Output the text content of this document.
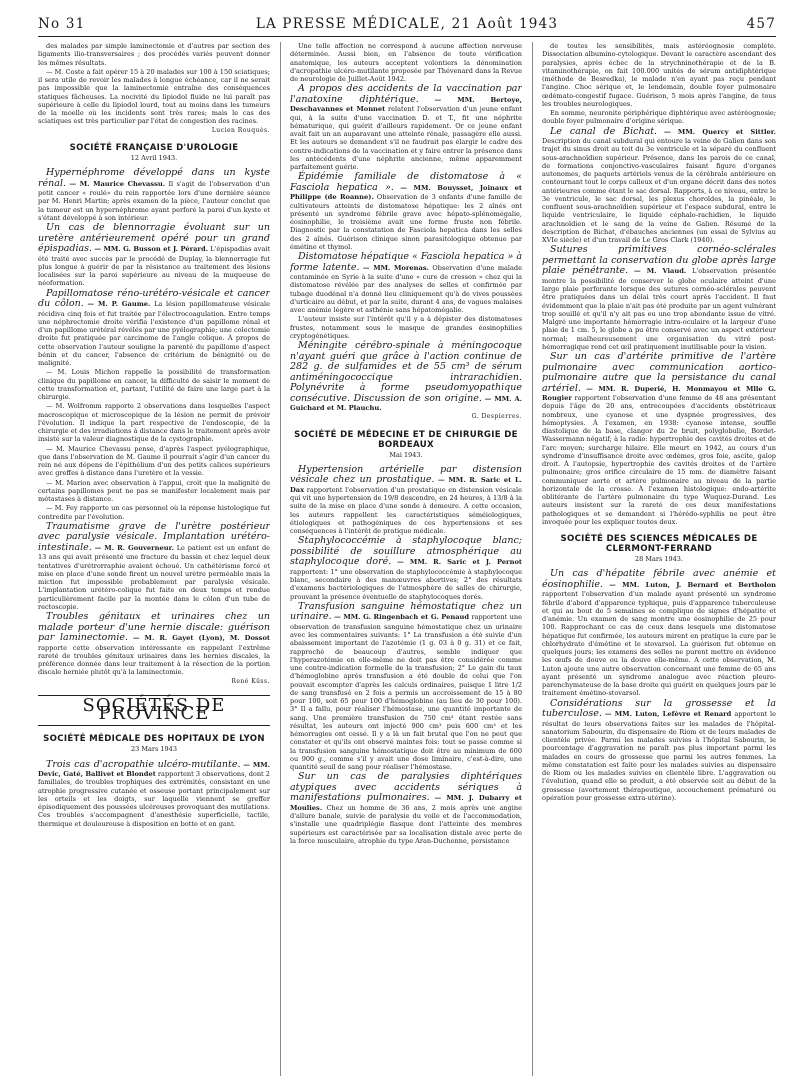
No 31	LA PRESSE MÉDICALE, 21 Août 1943	457

des malades par simple laminectomie et d'autres par section des ligaments ilio-transversaires ; des procédés variés peuvent donner les mêmes résultats.

— M. Coste a fait opérer 15 à 20 malades sur 100 à 150 sciatiques; il sera utile de revoir les malades à longue échéance, car il ne serait pas impossible que la laminectomie entraîne des conséquences statiques fâcheuses. La nocivité du lipiodol fluide ne lui paraît pas supérieure à celle du lipiodol lourd, tout au moins dans les tumeurs de la moelle où les incidents sont très rares; mais le cas des sciatiques est très particulier par l'état de congestion des racines.

Lucien Rouquès.
SOCIÉTÉ FRANÇAISE D'UROLOGIE
12 Avril 1943.

Hypernéphrome développé dans un kyste rénal. — M. Maurice Chevassu. Il s'agit de l'observation d'un petit cancer « roulé» du rein rapportée lors d'une dernière séance par M. Henri Martin; après examen de la pièce, l'auteur conclut que la tumeur est un hypernéphrome ayant perforé la paroi d'un kyste et s'étant développé à son intérieur.

Un cas de blennorragie évoluant sur un uretère antérieurement opéré pour un grand épispadias. — MM. G. Busson et J. Pérard. L'épispadias avait été traité avec succès par le procédé de Duplay, la blennorragie fut plus longue à guérir de par la résistance au traitement des lésions localisées sur la paroi supérieure au niveau de la muqueuse de néoformation.

Papillomatose réno-urétéro-vésicale et cancer du côlon. — M. P. Gaume. La lésion papillomateuse vésicale récidiva cinq fois et fut traitée par l'électrocoagulation. Entre temps une néphrectomie droite vérifia l'existence d'un papillome rénal et d'un papillome urétéral révélés par une pyélographie; une colectomie droite fut pratiquée par carcinome de l'angle colique. À propos de cette observation l'auteur souligne la parenté du papillome d'aspect bénin et du cancer, l'absence de critérium de bénignité ou de malignité.

— M. Louis Michon rappelle la possibilité de transformation clinique du papillome en cancer, la difficulté de saisir le moment de cette transformation et, partant, l'utilité de faire une large part à la chirurgie.

— M. Wolfromm rapporte 2 observations dans lesquelles l'aspect macroscopique et microscopique de la lésion ne permit de prévoir l'évolution. Il indique la part respective de l'endoscopie, de la chirurgie et des irradiations à distance dans le traitement après avoir insisté sur la valeur diagnostique de la cystographie.

— M. Maurice Chevassu pense, d'après l'aspect pyélographique, que dans l'observation de M. Gaume il pourrait s'agir d'un cancer du rein né aux dépens de l'épithélium d'un des petits calices supérieurs avec greffes à distance dans l'uretère et la vessie.

— M. Marion avec observation à l'appui, croit que la malignité de certains papillomes peut ne pas se manifester localement mais par métastases à distance.

— M. Fey rapporte un cas personnel où la réponse histologique fut contredite par l'évolution.

Traumatisme grave de l'urètre postérieur avec paralysie vésicale. Implantation urétéro-intestinale. — M. R. Gouverneur. Le patient est un enfant de 13 ans qui avait présenté une fracture du bassin et chez lequel deux tentatives d'urétrorraphie avaient échoué. Un cathétérisme forcé et mise en place d'une sonde firent un nouvel urètre perméable mais la miction fut impossible probablement par paralysie vésicale. L'implantation urétéro-colique fut faite en deux temps et rendue particulièrement facile par la montée dans le côlon d'un tube de rectoscopie.

Troubles génitaux et urinaires chez un malade porteur d'une hernie discale: guérison par laminectomie. — M. R. Gayet (Lyon), M. Dossot rapporte cette observation intéressante en rappelant l'extrême rareté de troubles génitaux urinaires dans les hernies discales, la préférence donnée dans leur traitement à la résection de la portion discale herniée plutôt qu'à la laminectomie.

René Küss.
SOCIÉTÉS DE PROVINCE
SOCIÉTÉ MÉDICALE DES HOPITAUX DE LYON
23 Mars 1943

Trois cas d'acropathie ulcéro-mutilante. — MM. Devic, Gaté, Ballivet et Blondet rapportent 3 observations, dont 2 familiales, de troubles trophiques des extrémités, consistant en une atrophie progressive cutanée et osseuse portant principalement sur les orteils et les doigts, sur laquelle viennent se greffer épisodiquement des poussées ulcéreuses provoquant des mutilations. Ces troubles s'accompagnent d'anesthésie superficielle, tactile, thermique et douloureuse à disposition en botte et en gant.

Une telle affection ne correspond à aucune affection nerveuse déterminée. Aussi bien, en l'absence de toute vérification anatomique, les auteurs acceptent volontiers la dénomination d'acropathie ulcéro-mutilante proposée par Thévenard dans la Revue de neurologie de Juillet-Août 1942.

A propos des accidents de la vaccination par l'anatoxine diphtérique. — MM. Bertoye, Deschavannes et Monnet relatent l'observation d'un jeune enfant qui, à la suite d'une vaccination D. et T., fit une néphrite hématurique, qui guérit d'ailleurs rapidement. Or ce jeune enfant avait fait un an auparavant une atteinte rénale, passagère elle aussi. Et les auteurs se demandent s'il ne faudrait pas élargir le cadre des contre-indications de la vaccination et y faire entrer la présence dans les antécédents d'une néphrite ancienne, même apparemment parfaitement guérie.

Épidémie familiale de distomatose à « Fasciola hepatica ». — MM. Bouysset, Joinaux et Philippe (de Roanne). Observation de 3 enfants d'une famille de cultivateurs atteints de distomatose hépatique: les 2 aînés ont présenté un syndrome fébrile grave avec hépato-splénomégalie, éosinophilie, le troisième avait une forme fruste non fébrile. Diagnostic par la constatation de Fasciola hepatica dans les selles des 2 aînés. Guérison clinique sinon parasitologique obtenue par émétine et thymol.

Distomatose hépatique « Fasciola hepatica » à forme latente. — MM. Morenas. Observation d'une malade contaminée en Syrie à la suite d'une « cure de cresson » chez qui la distomatose révélée par des analyses de selles et confirmée par tubage duodénal n'a donné lieu cliniquement qu'à de vives poussées d'urticaire au début, et par la suite, durant 4 ans, de vagues malaises avec anémie légère et asthénie sans hépatomégalie.

L'auteur insiste sur l'intérêt qu'il y a à dépister des distomatoses frustes, notamment sous le masque de grandes éosinophilies cryptogénétiques.

Méningite cérébro-spinale à méningocoque n'ayant guéri que grâce à l'action continue de 282 g. de sulfamides et de 55 cm³ de sérum antiméningococcique intrarachidien. Polynévrite à forme pseudomyopathique consécutive. Discussion de son origine. — MM. A. Guichard et M. Plauchu.

G. Despierres.
SOCIÉTÉ DE MÉDECINE ET DE CHIRURGIE DE BORDEAUX
Mai 1943.

Hypertension artérielle par distension vésicale chez un prostatique. — MM. R. Saric et L. Dax rapportent l'observation d'un prostatique en distension vésicale qui vit une hypertension de 19/8 descendre, en 24 heures, à 13/8 à la suite de la mise en place d'une sonde à demeure. A cette occasion, les auteurs rappellent les caractéristiques séméiologiques, étiologiques et pathogéniques de ces hypertensions et ses conséquences à l'intérêt de pratique médicale.

Staphylococcémie à staphylocoque blanc; possibilité de souillure atmosphérique au staphylocoque doré. — MM. R. Saric et J. Pernot rapportent: 1° une observation de staphylococcémie à staphylocoque blanc, secondaire à des manœuvres abortives; 2° des résultats d'examens bactériologiques de l'atmosphère de salles de chirurgie, prouvant la présence éventuelle de staphylocoques dorés.

Transfusion sanguine hémostatique chez un urinaire. — MM. G. Ringenbach et G. Penaud rapportent une observation de transfusion sanguine hémostatique chez un urinaire avec les commentaires suivants: 1° La transfusion a été suivie d'un abaissement important de l'azotémie (1 g. 03 à 0 g. 31) et ce fait, rapproché de beaucoup d'autres, semble indiquer que l'hyperazotémie en elle-même ne doit pas être considérée comme une contre-indication formelle de la transfusion; 2° Le gain du taux d'hémoglobine après transfusion a été double de celui que l'on pouvait escompter d'après les calculs ordinaires, puisque 1 litre 1/2 de sang transfusé en 2 fois a permis un accroissement de 15 à 80 pour 100, soit 65 pour 100 d'hémoglobine (au lieu de 30 pour 100). 3° Il a fallu, pour réaliser l'hémostase, une quantité importante de sang. Une première transfusion de 750 cm³ étant restée sans résultat, les auteurs ont injecté 900 cm³ puis 600 cm³ et les hémorragies ont cessé. Il y a là un fait brutal que l'on ne peut que constater et qu'ils ont observé maintes fois: tout se passe comme si la transfusion sanguine hémostatique doit être au minimum de 600 ou 900 g., comme s'il y avait une dose liminaire, c'est-à-dire, une quantité seuil de sang pour réaliser l'hémostase.

Sur un cas de paralysies diphtériques atypiques avec accidents sériques à manifestations pulmonaires. — MM. J. Dubarry et Moulies. Chez un homme de 36 ans, 2 mois après une angine d'allure banale, suivie de paralysie du voile et de l'accommodation, s'installe une quadriplégie flasque dont l'atteinte des membres supérieurs est caractérisée par sa localisation distale avec perte de la force musculaire, atrophie du type Aran-Duchenne, persistance

de toutes les sensibilités, mais astéréognosie complète. Dissociation albumino-cytologique. Devant le caractère ascendant des paralysies, après échec de la strychninothérapie et de la B. vitaminothérapie, on fait 100.000 unités de sérum antidiphtérique (méthode de Besredka), le malade n'en ayant pas reçu pendant l'angine. Choc sérique et, le lendemain, double foyer pulmonaire œdémato-congestif fugace. Guérison, 5 mois après l'angine, de tous les troubles neurologiques.

En somme, neuronite périphérique diphtérique avec astéréognosie; double foyer pulmonaire d'origine sérique.

Le canal de Bichat. — MM. Quercy et Sittler. Description du canal subdural qui entoure la veine de Galien dans son trajet du sinus droit au toit du 3e ventricule et la séparé du confluent sous-arachnoïdien supérieur. Présence, dans les parois de ce canal, de formations conjonctivo-vasculaires faisant figure d'organes autonomes, de paquets artériels venus de la cérébrale antérieure en contournant tout le corps calleux et d'un organe décrit dans des notes antérieures comme étant le sac dorsal. Rapports, à ce niveau, entre le 3e ventricule, le sac dorsal, les plexus choroïdes, la pinéale, le confluent sous-arachnoïdien supérieur et l'espace subdural, entre le liquide ventriculaire, le liquide céphalo-rachidien, le liquide arachnoïdien et le sang de la veine de Galien. Résumé de la description de Bichat, d'ébauches anciennes (un essai de Sylvius au XVIe siècle) et d'un travail de Le Gros Clark (1940).

Sutures primitives cornéo-sclérales permettant la conservation du globe après large plaie pénétrante. — M. Viaud. L'observation présentée montre la possibilité de conserver le globe oculaire atteint d'une large plaie perforante lorsque des sutures cornéo-sclérales peuvent être pratiquées dans un délai très court après l'accident. Il faut évidemment que la plaie n'ait pas été produite par un agent vulnérant trop souillé et qu'il n'y ait pas eu une trop abondante issue de vitré. Malgré une importante hémorragie intra-oculaire et la largeur d'une plaie de 1 cm. 5, le globe a pu être conservé avec un aspect extérieur normal; malheureusement une organisation du vitré post-hémorragique rend cet œil pratiquement inutilisable pour la vision.

Sur un cas d'artérite primitive de l'artère pulmonaire avec communication aortico-pulmonaire autre que la persistance du canal artériel. — MM. R. Duperié, H. Monmayou et Mlle G. Rougier rapportent l'observation d'une femme de 48 ans présentant depuis l'âge de 20 ans, entrecoupées d'accidents obstétricaux nombreux, une cyanose et une dyspnée progressives, des hémoptysies. À l'examen, en 1938: cyanose intense, souffle diastolique de la base, clangor du 2e bruit, polyglobulie, Bordet-Wassermann négatif; à la radio: hypertrophie des cavités droites et de l'arc moyen; surcharge hilaire. Elle meurt en 1942, au cours d'un syndrome d'insuffisance droite avec œdèmes, gros foie, ascite, galop droit. À l'autopsie, hypertrophie des cavités droites et de l'artère pulmonaire; gros orifice circulaire de 15 mm. de diamètre faisant communiquer aorte et artère pulmonaire au niveau de la partie horizontale de la crosse. À l'examen histologique: endo-artérite oblitérante de l'artère pulmonaire du type Wuquez-Durand. Les auteurs insistent sur la rareté de ces deux manifestations pathologiques et se demandent si l'hérédo-syphilis ne peut être invoquée pour les expliquer toutes deux.

SOCIÉTÉ DES SCIENCES MÉDICALES DE CLERMONT-FERRAND
28 Mars 1943.

Un cas d'hépatite fébrile avec anémie et éosinophilie. — MM. Luton, J. Bernard et Bertholon rapportent l'observation d'un malade ayant présenté un syndrome fébrile d'abord d'apparence typhique, puis d'apparence tuberculeuse et qui au bout de 5 semaines se complique de signes d'hépatite et d'anémie. Un examen de sang montre une éosinophilie de 25 pour 100. Rapprochant ce cas de ceux dans lesquels une distomatose hépatique fut confirmée, les auteurs mirent en pratique la cure par le chlorhydrate d'émétine et le stovarsol. La guérison fut obtenue en quelques jours; les examens des selles ne purent mettre en évidence les œufs de douve ou la douve elle-même. A cette observation, M. Luton ajoute une autre observation concernant une femme de 65 ans ayant présenté un syndrome analogue avec réaction pleuro-parenchymateuse de la base droite qui guérit en quelques jours par le traitement émétino-stovarsol.

Considérations sur la grossesse et la tuberculose. — MM. Luton, Lefèvre et Renard apportent le résultat de leurs observations faites sur les malades de l'hôpital-sanatorium Sabourin, du dispensaire de Riom et de leurs malades de clientèle privée. Parmi les malades suivies à l'hôpital Sabourin, le pourcentage d'aggravation ne paraît pas plus important parmi les malades en cours de grossesse que parmi les autres femmes. La même constatation est faite pour les malades suivies au dispensaire de Riom ou les malades suivies en clientèle libre. L'aggravation ou l'évolution, quand elle se produit, a été observée soit au début de la grossesse (avortement thérapeutique, accouchement prématuré ou opération pour grossesse extra-utérine).
